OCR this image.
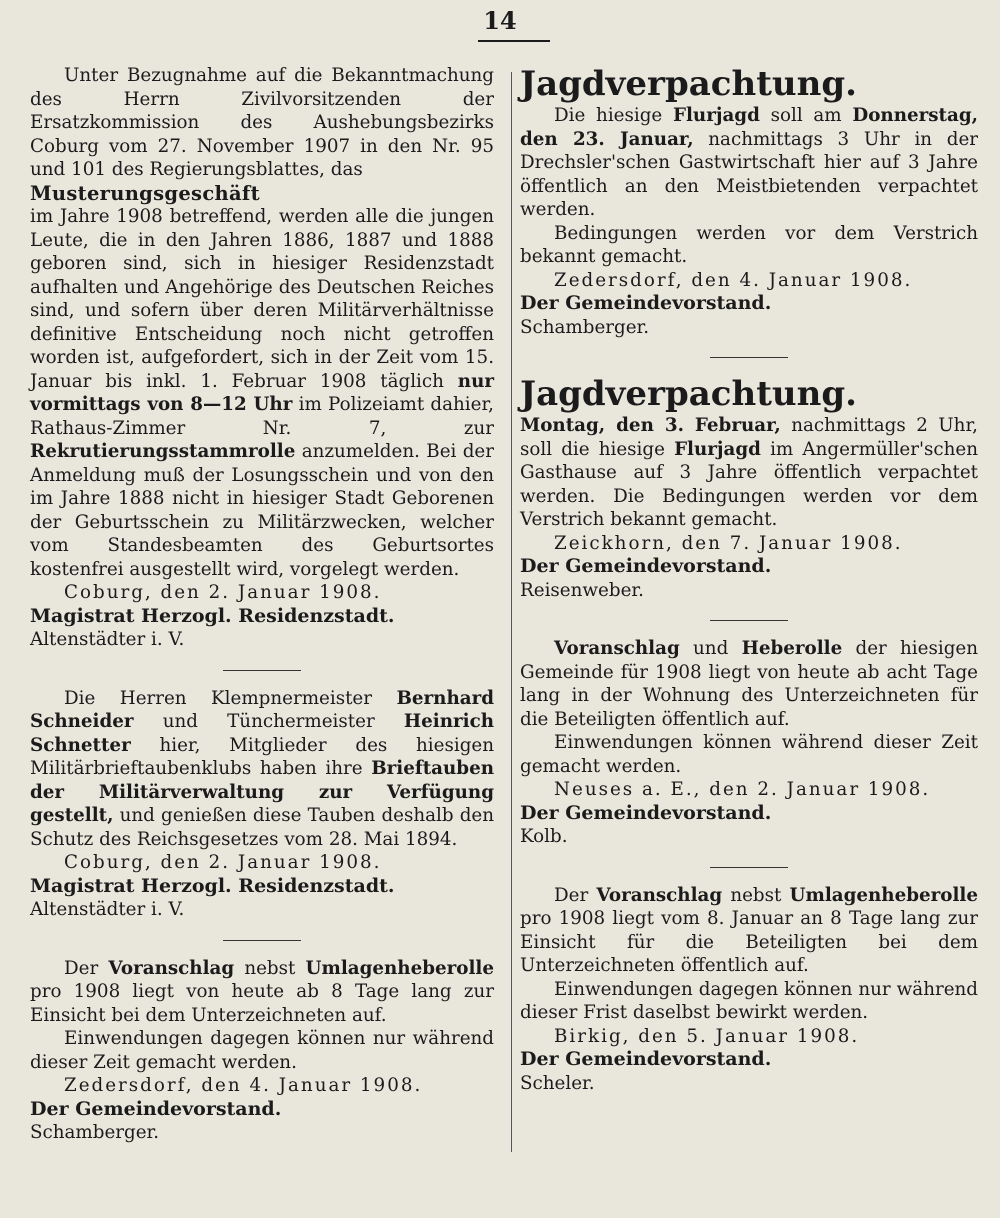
14

Unter Bezugnahme auf die Bekanntmachung des Herrn Zivilvorsitzenden der Ersatzkommission des Aushebungsbezirks Coburg vom 27. November 1907 in den Nr. 95 und 101 des Regierungsblattes, das

Musterungsgeschäft

im Jahre 1908 betreffend, werden alle die jungen Leute, die in den Jahren 1886, 1887 und 1888 geboren sind, sich in hiesiger Residenzstadt aufhalten und Angehörige des Deutschen Reiches sind, und sofern über deren Militärverhältnisse definitive Entscheidung noch nicht getroffen worden ist, aufgefordert, sich in der Zeit vom 15. Januar bis inkl. 1. Februar 1908 täglich nur vormittags von 8—12 Uhr im Polizeiamt dahier, Rathaus-Zimmer Nr. 7, zur Rekrutierungsstammrolle anzumelden. Bei der Anmeldung muß der Losungsschein und von den im Jahre 1888 nicht in hiesiger Stadt Geborenen der Geburtsschein zu Militärzwecken, welcher vom Standesbeamten des Geburtsortes kostenfrei ausgestellt wird, vorgelegt werden.

Coburg, den 2. Januar 1908.

Magistrat Herzogl. Residenzstadt.

Altenstädter i. V.

Die Herren Klempnermeister Bernhard Schneider und Tünchermeister Heinrich Schnetter hier, Mitglieder des hiesigen Militärbrieftaubenklubs haben ihre Brieftauben der Militärverwaltung zur Verfügung gestellt, und genießen diese Tauben deshalb den Schutz des Reichsgesetzes vom 28. Mai 1894.

Coburg, den 2. Januar 1908.

Magistrat Herzogl. Residenzstadt.

Altenstädter i. V.

Der Voranschlag nebst Umlagenheberolle pro 1908 liegt von heute ab 8 Tage lang zur Einsicht bei dem Unterzeichneten auf.

Einwendungen dagegen können nur während dieser Zeit gemacht werden.

Zedersdorf, den 4. Januar 1908.

Der Gemeindevorstand.

Schamberger.

Jagdverpachtung.

Die hiesige Flurjagd soll am Donnerstag, den 23. Januar, nachmittags 3 Uhr in der Drechsler'schen Gastwirtschaft hier auf 3 Jahre öffentlich an den Meistbietenden verpachtet werden.

Bedingungen werden vor dem Verstrich bekannt gemacht.

Zedersdorf, den 4. Januar 1908.

Der Gemeindevorstand.

Schamberger.

Jagdverpachtung.

Montag, den 3. Februar, nachmittags 2 Uhr, soll die hiesige Flurjagd im Angermüller'schen Gasthause auf 3 Jahre öffentlich verpachtet werden. Die Bedingungen werden vor dem Verstrich bekannt gemacht.

Zeickhorn, den 7. Januar 1908.

Der Gemeindevorstand.

Reisenweber.

Voranschlag und Heberolle der hiesigen Gemeinde für 1908 liegt von heute ab acht Tage lang in der Wohnung des Unterzeichneten für die Beteiligten öffentlich auf.

Einwendungen können während dieser Zeit gemacht werden.

Neuses a. E., den 2. Januar 1908.

Der Gemeindevorstand.

Kolb.

Der Voranschlag nebst Umlagenheberolle pro 1908 liegt vom 8. Januar an 8 Tage lang zur Einsicht für die Beteiligten bei dem Unterzeichneten öffentlich auf.

Einwendungen dagegen können nur während dieser Frist daselbst bewirkt werden.

Birkig, den 5. Januar 1908.

Der Gemeindevorstand.

Scheler.
